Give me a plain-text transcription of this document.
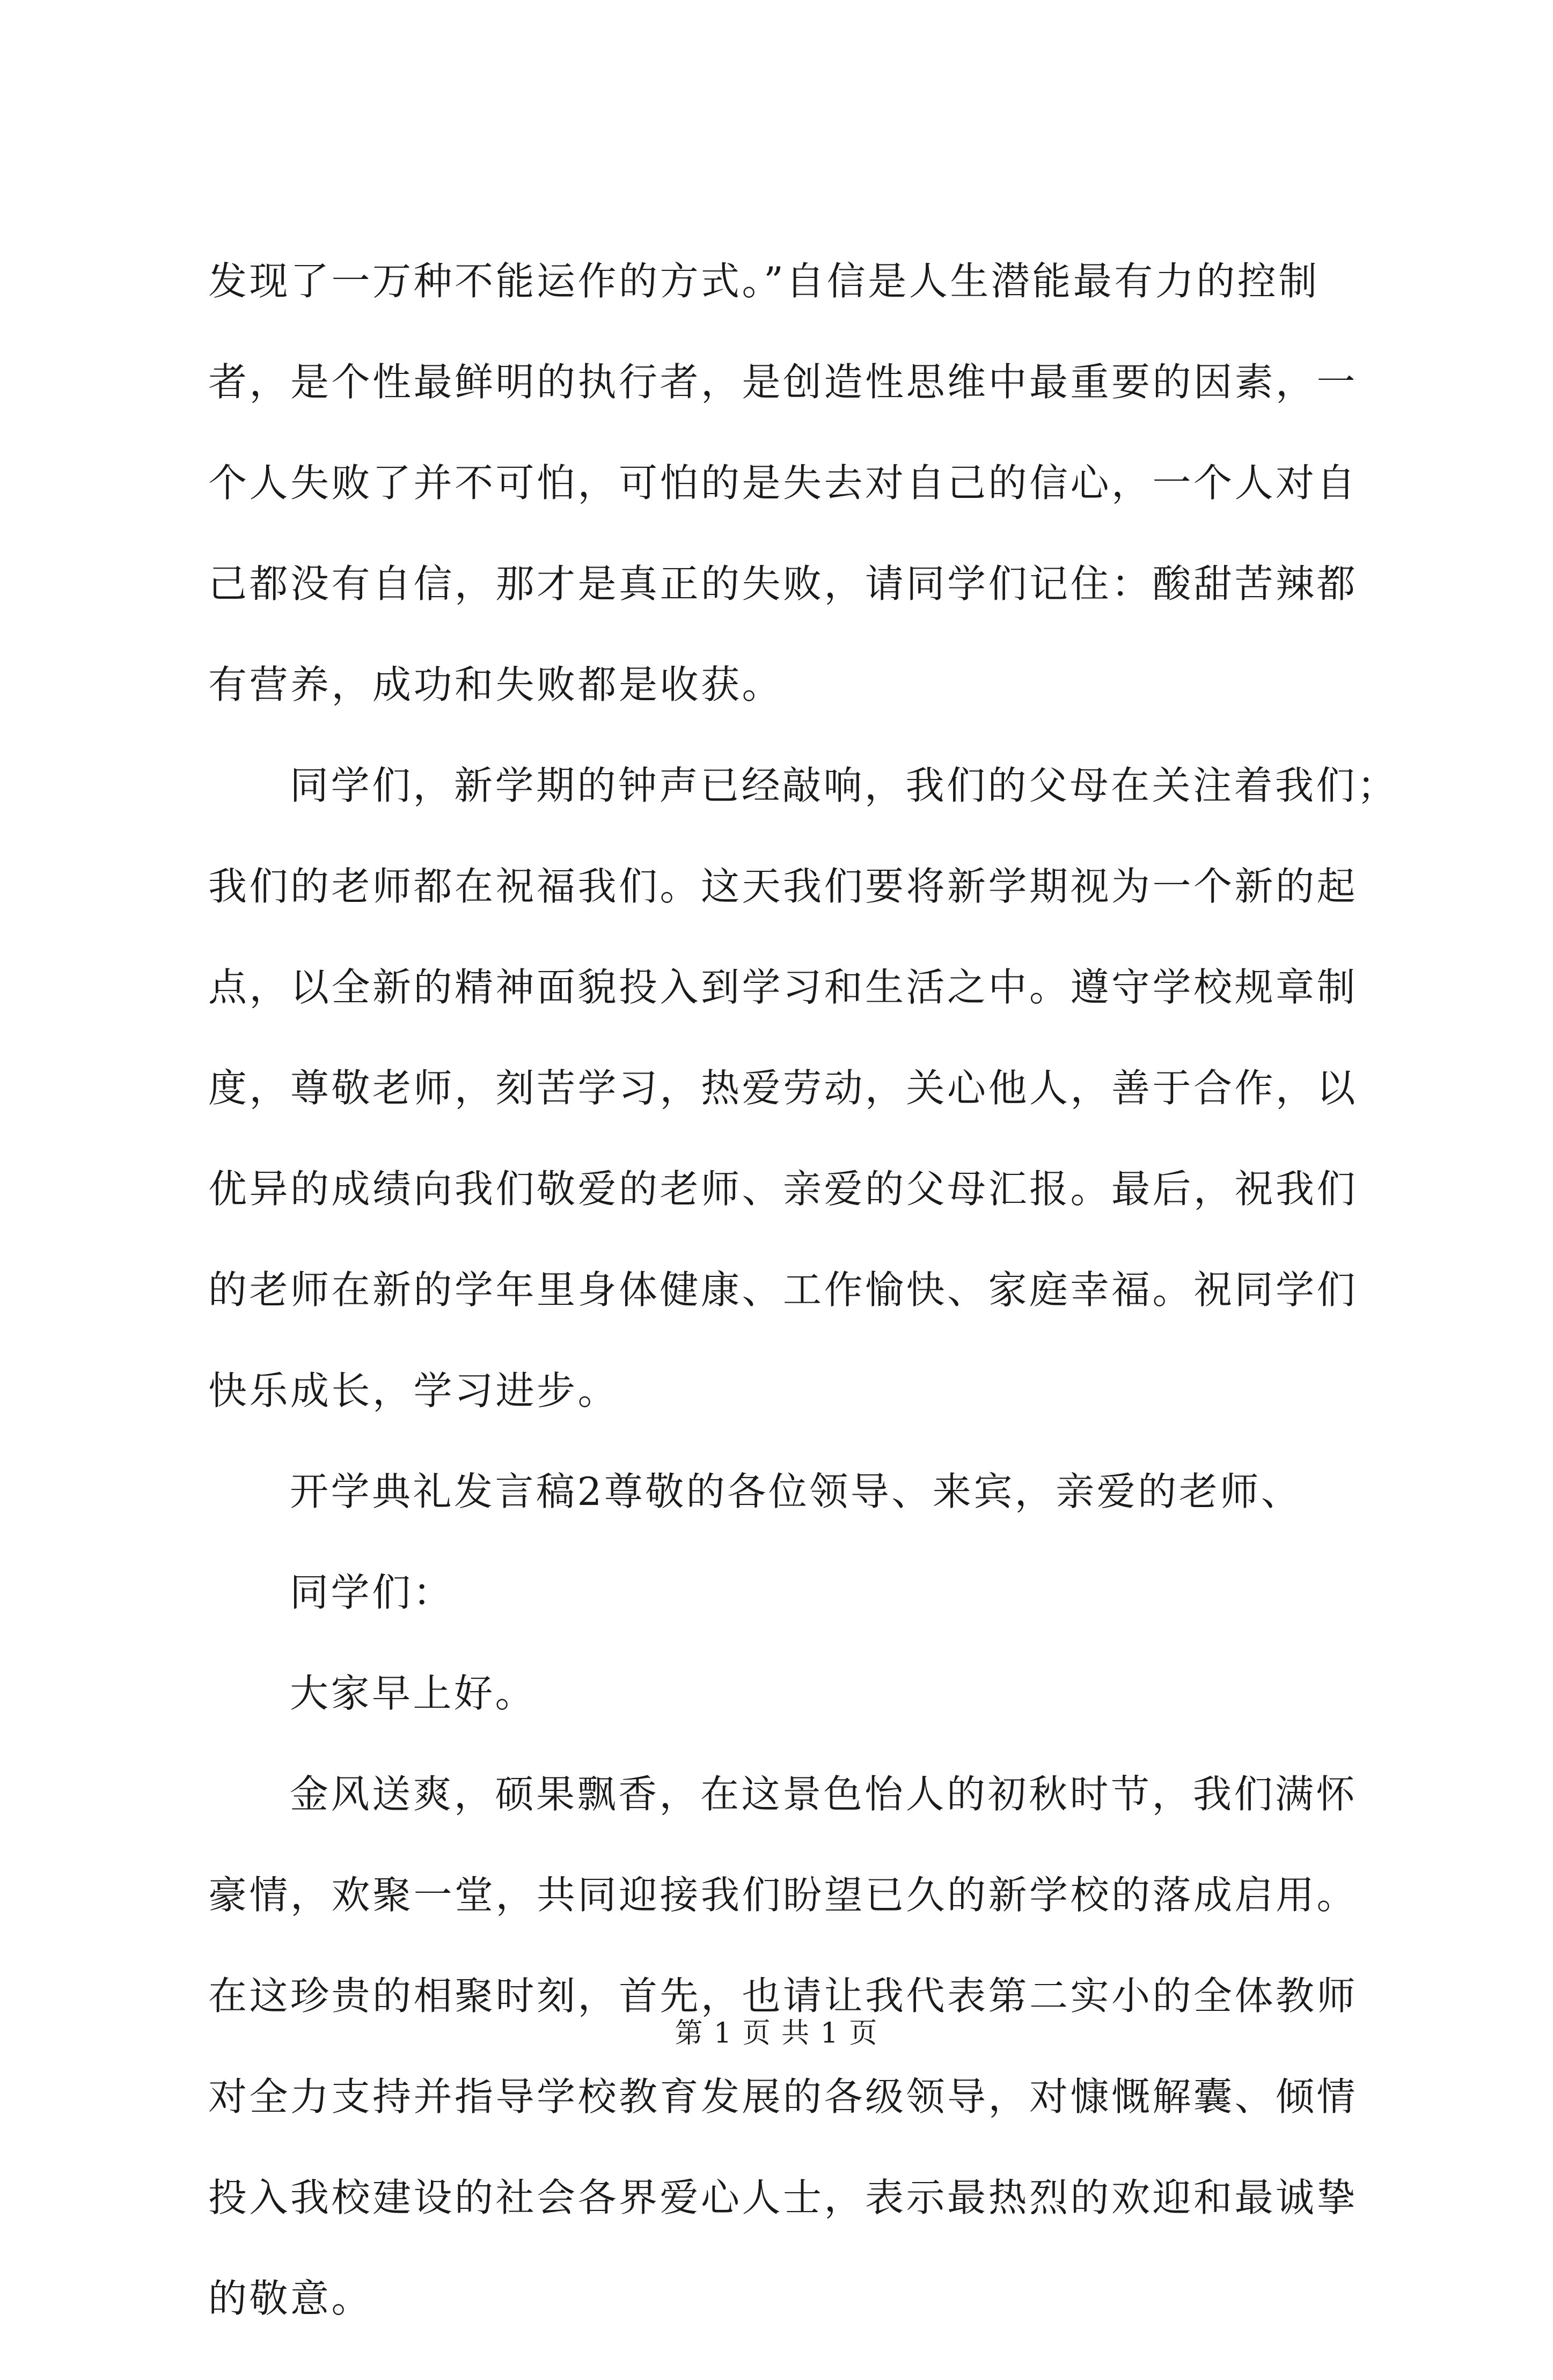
发现了一万种不能运作的方式。”自信是人生潜能最有力的控制

者，是个性最鲜明的执行者，是创造性思维中最重要的因素，一

个人失败了并不可怕，可怕的是失去对自己的信心，一个人对自

己都没有自信，那才是真正的失败，请同学们记住：酸甜苦辣都

有营养，成功和失败都是收获。

同学们，新学期的钟声已经敲响，我们的父母在关注着我们；

我们的老师都在祝福我们。这天我们要将新学期视为一个新的起

点，以全新的精神面貌投入到学习和生活之中。遵守学校规章制

度，尊敬老师，刻苦学习，热爱劳动，关心他人，善于合作，以

优异的成绩向我们敬爱的老师、亲爱的父母汇报。最后，祝我们

的老师在新的学年里身体健康、工作愉快、家庭幸福。祝同学们

快乐成长，学习进步。

开学典礼发言稿2尊敬的各位领导、来宾，亲爱的老师、

同学们：

大家早上好。

金风送爽，硕果飘香，在这景色怡人的初秋时节，我们满怀

豪情，欢聚一堂，共同迎接我们盼望已久的新学校的落成启用。

在这珍贵的相聚时刻，首先，也请让我代表第二实小的全体教师

对全力支持并指导学校教育发展的各级领导，对慷慨解囊、倾情

投入我校建设的社会各界爱心人士，表示最热烈的欢迎和最诚挚

的敬意。

第 1 页 共 1 页
